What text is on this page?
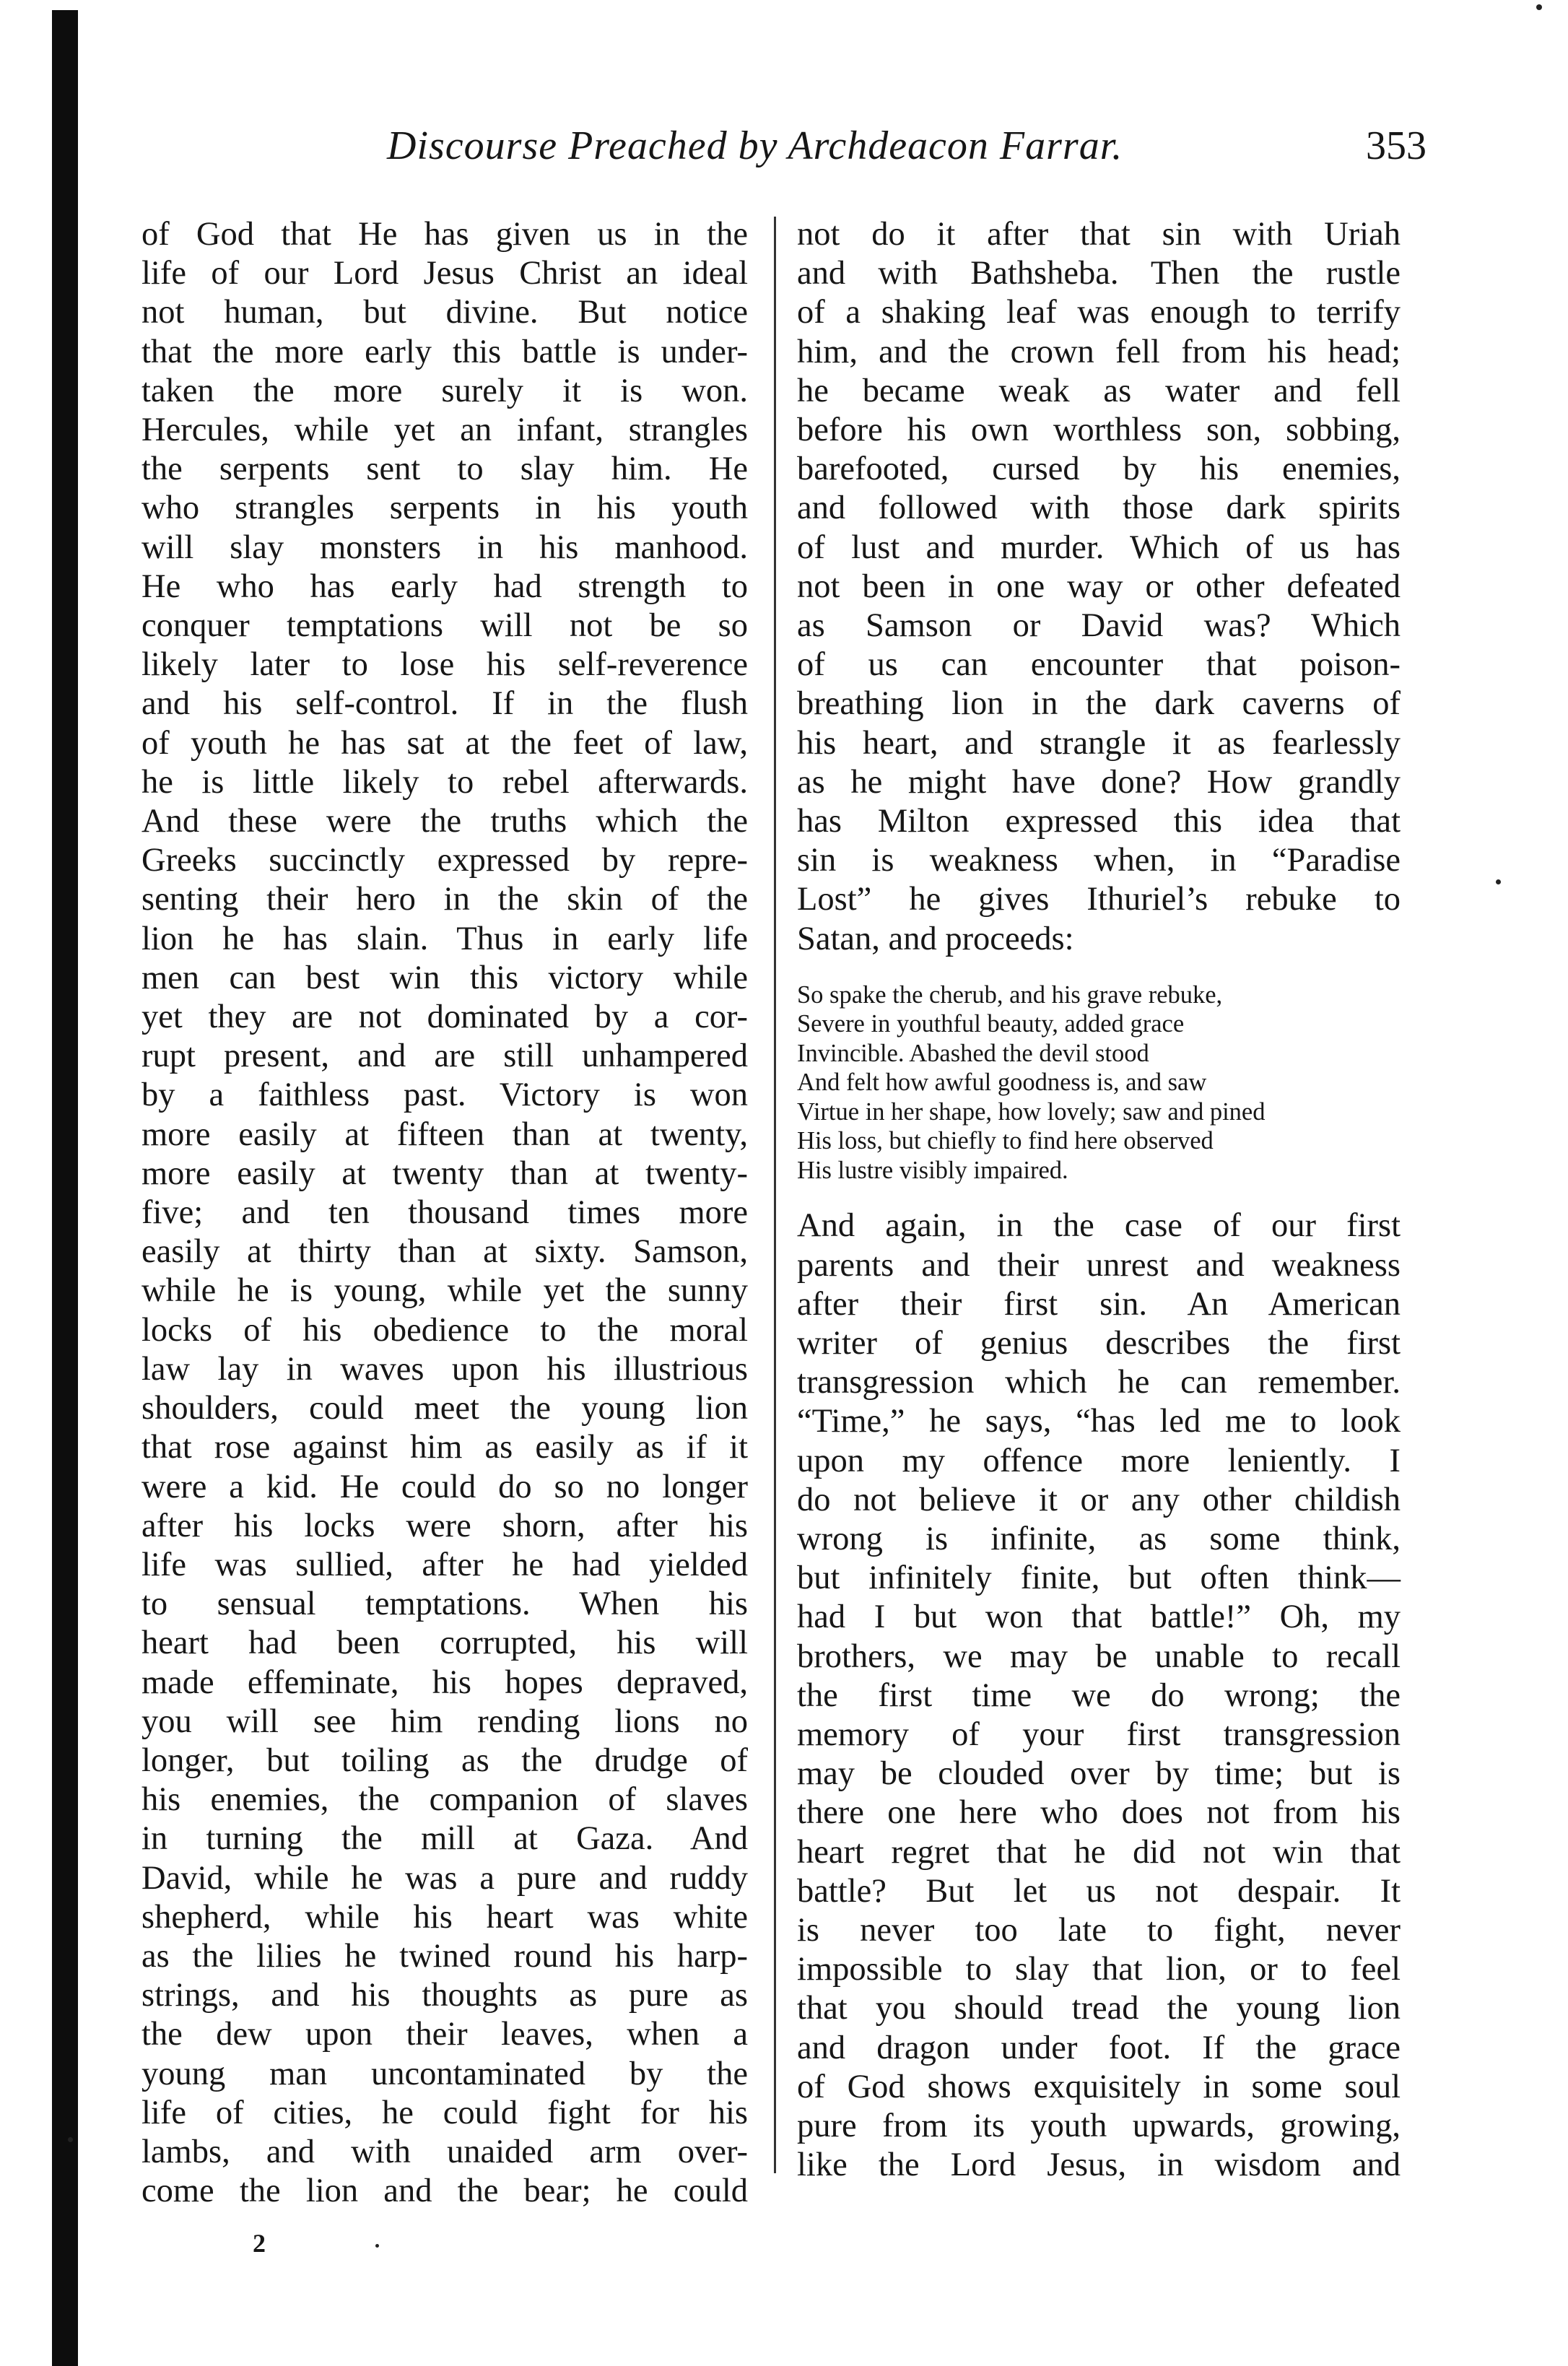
Discourse Preached by Archdeacon Farrar.	353
of God that He has given us in the
life of our Lord Jesus Christ an ideal
not human, but divine. But notice
that the more early this battle is under-
taken the more surely it is won.
Hercules, while yet an infant, strangles
the serpents sent to slay him. He
who strangles serpents in his youth
will slay monsters in his manhood.
He who has early had strength to
conquer temptations will not be so
likely later to lose his self-reverence
and his self-control. If in the flush
of youth he has sat at the feet of law,
he is little likely to rebel afterwards.
And these were the truths which the
Greeks succinctly expressed by repre-
senting their hero in the skin of the
lion he has slain. Thus in early life
men can best win this victory while
yet they are not dominated by a cor-
rupt present, and are still unhampered
by a faithless past. Victory is won
more easily at fifteen than at twenty,
more easily at twenty than at twenty-
five; and ten thousand times more
easily at thirty than at sixty. Samson,
while he is young, while yet the sunny
locks of his obedience to the moral
law lay in waves upon his illustrious
shoulders, could meet the young lion
that rose against him as easily as if it
were a kid. He could do so no longer
after his locks were shorn, after his
life was sullied, after he had yielded
to sensual temptations. When his
heart had been corrupted, his will
made effeminate, his hopes depraved,
you will see him rending lions no
longer, but toiling as the drudge of
his enemies, the companion of slaves
in turning the mill at Gaza. And
David, while he was a pure and ruddy
shepherd, while his heart was white
as the lilies he twined round his harp-
strings, and his thoughts as pure as
the dew upon their leaves, when a
young man uncontaminated by the
life of cities, he could fight for his
lambs, and with unaided arm over-
come the lion and the bear; he could
not do it after that sin with Uriah
and with Bathsheba. Then the rustle
of a shaking leaf was enough to terrify
him, and the crown fell from his head;
he became weak as water and fell
before his own worthless son, sobbing,
barefooted, cursed by his enemies,
and followed with those dark spirits
of lust and murder. Which of us has
not been in one way or other defeated
as Samson or David was? Which
of us can encounter that poison-
breathing lion in the dark caverns of
his heart, and strangle it as fearlessly
as he might have done? How grandly
has Milton expressed this idea that
sin is weakness when, in “Paradise
Lost” he gives Ithuriel’s rebuke to
Satan, and proceeds:
So spake the cherub, and his grave rebuke,
Severe in youthful beauty, added grace
Invincible. Abashed the devil stood
And felt how awful goodness is, and saw
Virtue in her shape, how lovely; saw and pined
His loss, but chiefly to find here observed
His lustre visibly impaired.
And again, in the case of our first
parents and their unrest and weakness
after their first sin. An American
writer of genius describes the first
transgression which he can remember.
“Time,” he says, “has led me to look
upon my offence more leniently. I
do not believe it or any other childish
wrong is infinite, as some think,
but infinitely finite, but often think—
had I but won that battle!” Oh, my
brothers, we may be unable to recall
the first time we do wrong; the
memory of your first transgression
may be clouded over by time; but is
there one here who does not from his
heart regret that he did not win that
battle? But let us not despair. It
is never too late to fight, never
impossible to slay that lion, or to feel
that you should tread the young lion
and dragon under foot. If the grace
of God shows exquisitely in some soul
pure from its youth upwards, growing,
like the Lord Jesus, in wisdom and
2
